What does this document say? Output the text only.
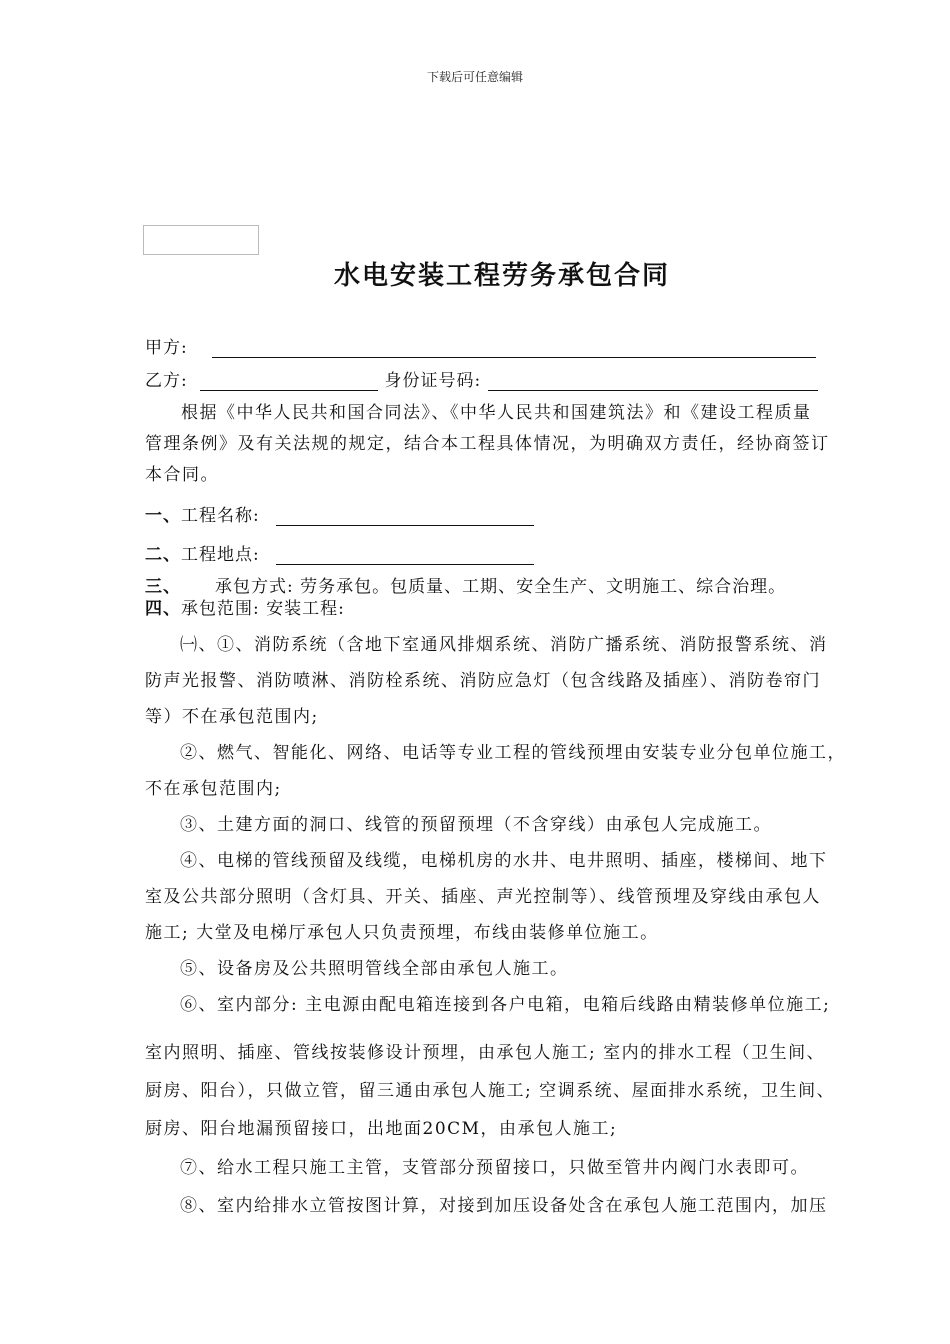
下载后可任意编辑
水电安装工程劳务承包合同
甲方:
乙方:	身份证号码:
根据《中华人民共和国合同法》、《中华人民共和国建筑法》和《建设工程质量
管理条例》及有关法规的规定，结合本工程具体情况，为明确双方责任，经协商签订
本合同。
一、工程名称:
二、工程地点:
三、 承包方式: 劳务承包。包质量、工期、安全生产、文明施工、综合治理。
四、承包范围: 安装工程:
㈠、①、消防系统（含地下室通风排烟系统、消防广播系统、消防报警系统、消
防声光报警、消防喷淋、消防栓系统、消防应急灯（包含线路及插座）、消防卷帘门
等）不在承包范围内;
②、燃气、智能化、网络、电话等专业工程的管线预埋由安装专业分包单位施工，
不在承包范围内;
③、土建方面的洞口、线管的预留预埋（不含穿线）由承包人完成施工。
④、电梯的管线预留及线缆，电梯机房的水井、电井照明、插座，楼梯间、地下
室及公共部分照明（含灯具、开关、插座、声光控制等）、线管预埋及穿线由承包人
施工; 大堂及电梯厅承包人只负责预埋，布线由装修单位施工。
⑤、设备房及公共照明管线全部由承包人施工。
⑥、室内部分: 主电源由配电箱连接到各户电箱，电箱后线路由精装修单位施工;
室内照明、插座、管线按装修设计预埋，由承包人施工; 室内的排水工程（卫生间、
厨房、阳台），只做立管，留三通由承包人施工; 空调系统、屋面排水系统，卫生间、
厨房、阳台地漏预留接口，出地面20CM，由承包人施工;
⑦、给水工程只施工主管，支管部分预留接口，只做至管井内阀门水表即可。
⑧、室内给排水立管按图计算，对接到加压设备处含在承包人施工范围内，加压
